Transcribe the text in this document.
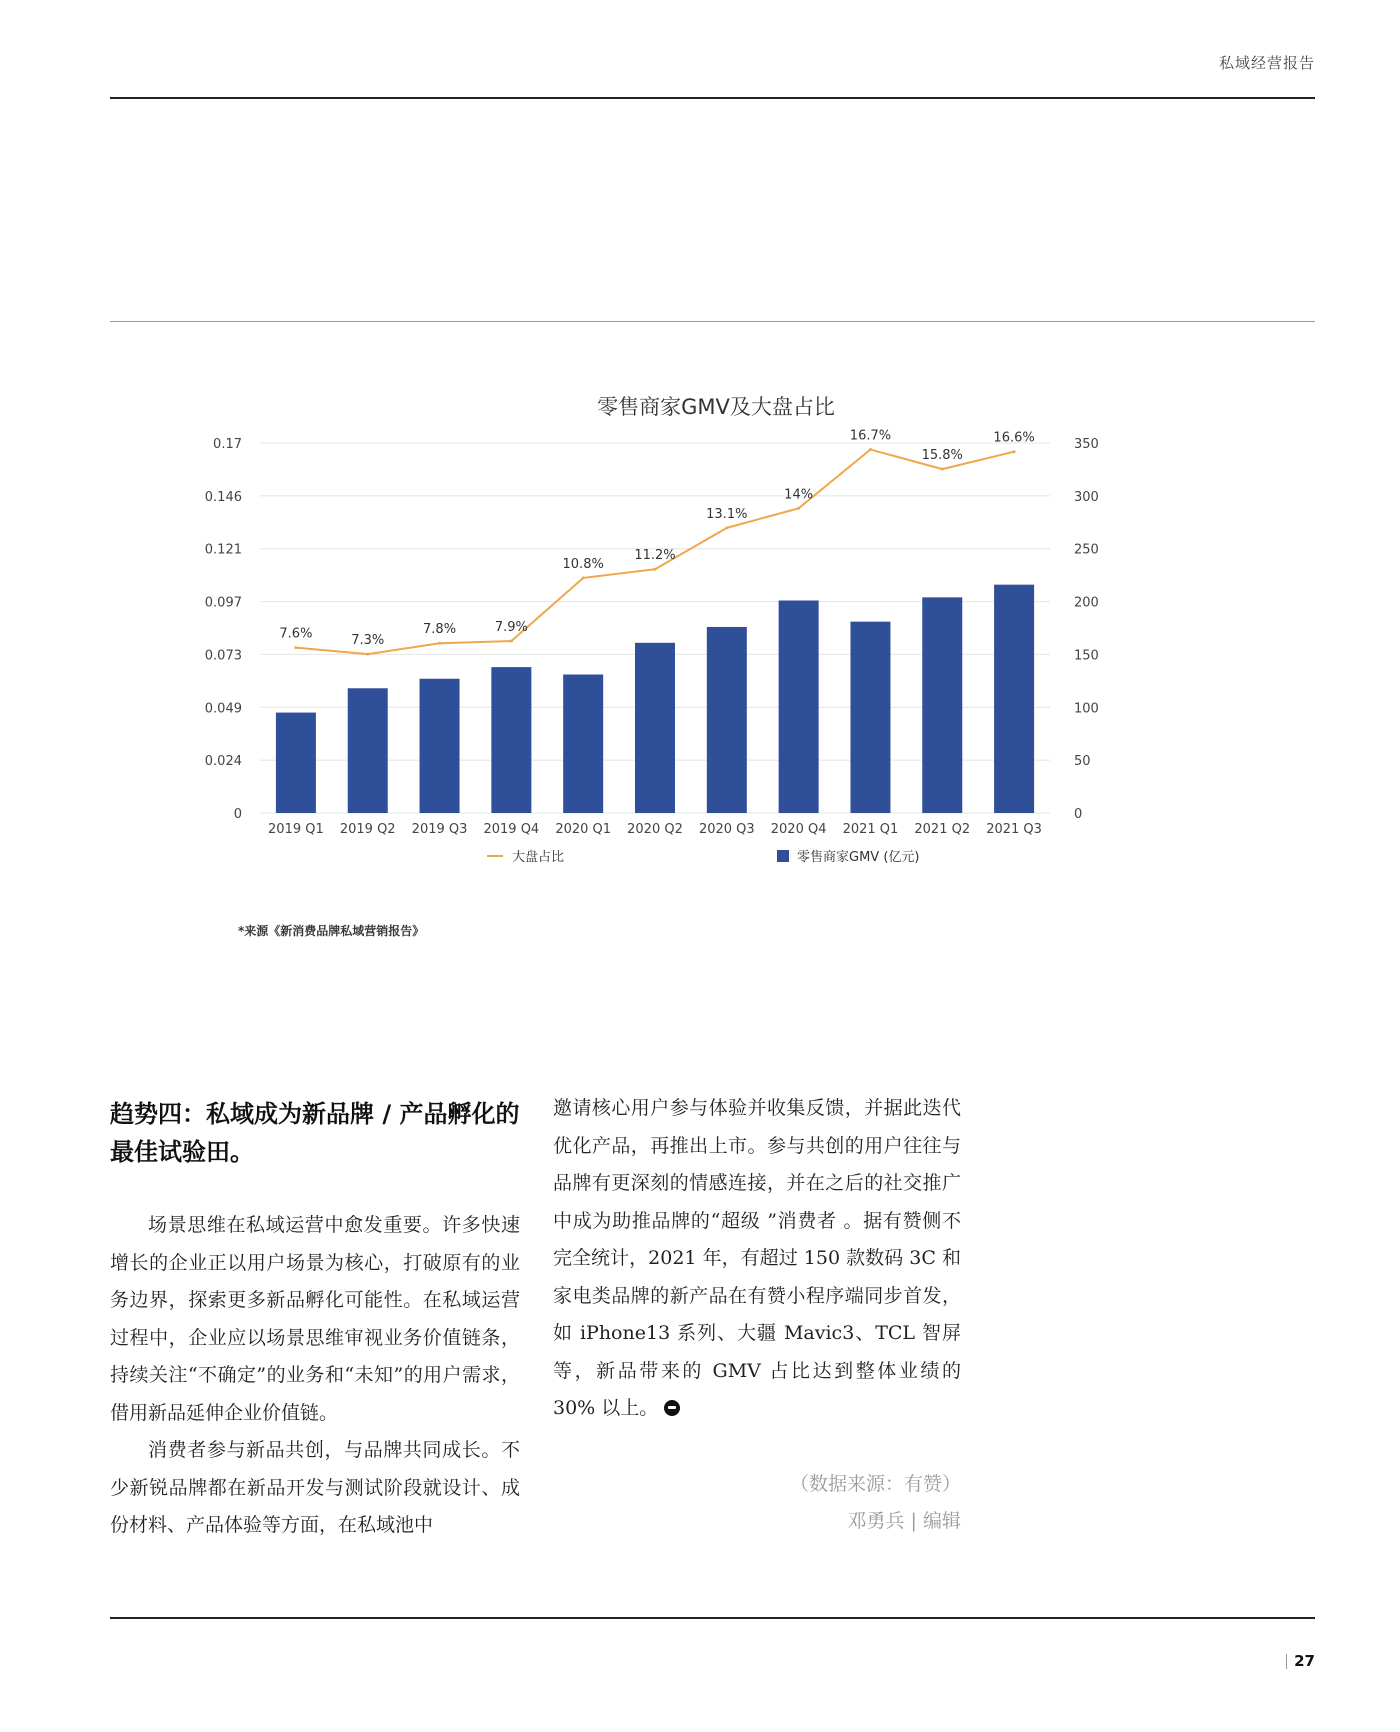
私域经营报告
零售商家GMV及大盘占比
0
0.024
0.049
0.073
0.097
0.121
0.146
0.17
0
50
100
150
200
250
300
350
2019 Q1 2019 Q2 2019 Q3 2019 Q4 2020 Q1 2020 Q2 2020 Q3 2020 Q4 2021 Q1 2021 Q2 2021 Q3
7.6%	7.3%
7.8%	7.9%
10.8%
11.2%
13.1%
14%
16.7%
15.8%
16.6%
大盘占比	零售商家GMV (亿元)
*来源《新消费品牌私域营销报告》
趋势四：私域成为新品牌 / 产品孵化的最佳试验田。

场景思维在私域运营中愈发重要。许多快速增长的企业正以用户场景为核心，打破原有的业务边界，探索更多新品孵化可能性。在私域运营过程中，企业应以场景思维审视业务价值链条，持续关注“不确定”的业务和“未知”的用户需求，借用新品延伸企业价值链。

消费者参与新品共创，与品牌共同成长。不少新锐品牌都在新品开发与测试阶段就设计、成份材料、产品体验等方面，在私域池中

邀请核心用户参与体验并收集反馈，并据此迭代优化产品，再推出上市。参与共创的用户往往与品牌有更深刻的情感连接，并在之后的社交推广中成为助推品牌的“超级 ”消费者 。据有赞侧不完全统计，2021 年，有超过 150 款数码 3C 和家电类品牌的新产品在有赞小程序端同步首发，如 iPhone13 系列、大疆 Mavic3、TCL 智屏等，新品带来的 GMV 占比达到整体业绩的 30% 以上。

（数据来源：有赞）

邓勇兵 | 编辑

27
